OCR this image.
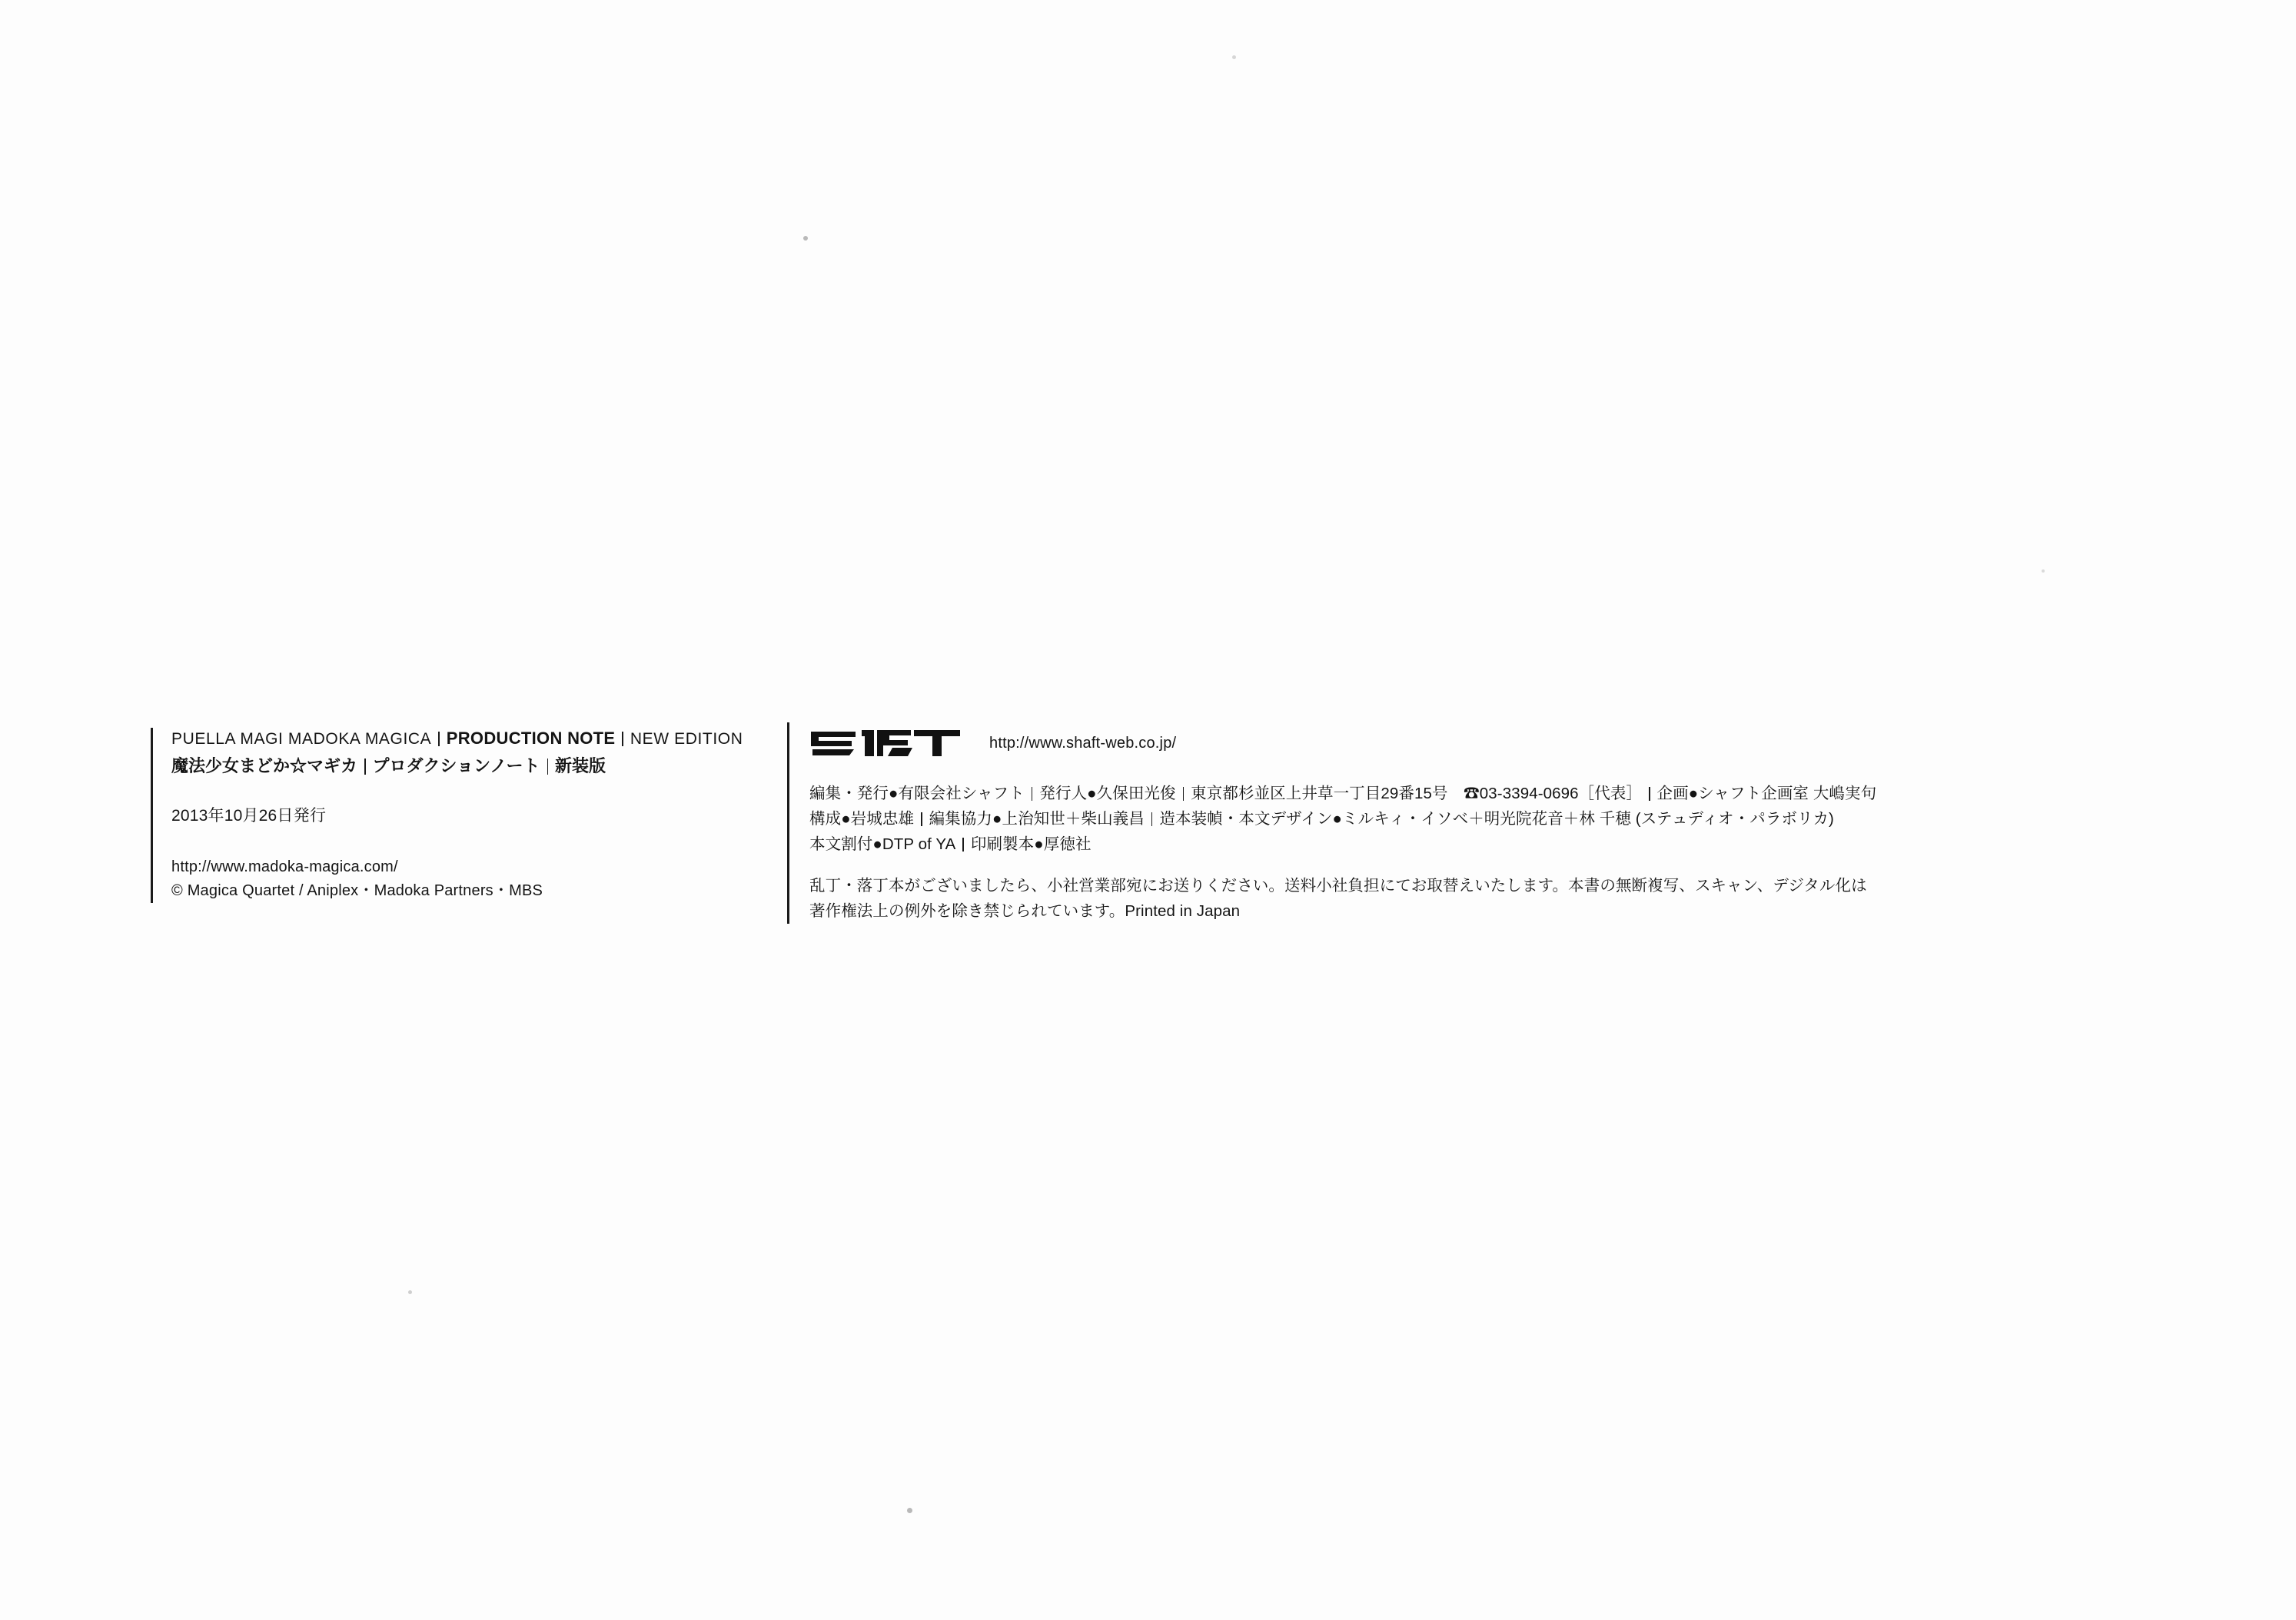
PUELLA MAGI MADOKA MAGICA PRODUCTION NOTE NEW EDITION
魔法少女まどか☆マギカ プロダクションノート 新装版
2013年10月26日発行
http://www.madoka-magica.com/
© Magica Quartet / Aniplex・Madoka Partners・MBS
http://www.shaft-web.co.jp/
編集・発行●有限会社シャフト 発行人●久保田光俊 東京都杉並区上井草一丁目29番15号　☎03-3394-0696［代表］ 企画●シャフト企画室 大嶋実句
構成●岩城忠雄 編集協力●上治知世＋柴山義昌 造本装幀・本文デザイン●ミルキィ・イソベ＋明光院花音＋林 千穂 (ステュディオ・パラボリカ)
本文割付●DTP of YA 印刷製本●厚徳社
乱丁・落丁本がございましたら、小社営業部宛にお送りください。送料小社負担にてお取替えいたします。本書の無断複写、スキャン、デジタル化は
著作権法上の例外を除き禁じられています。Printed in Japan
